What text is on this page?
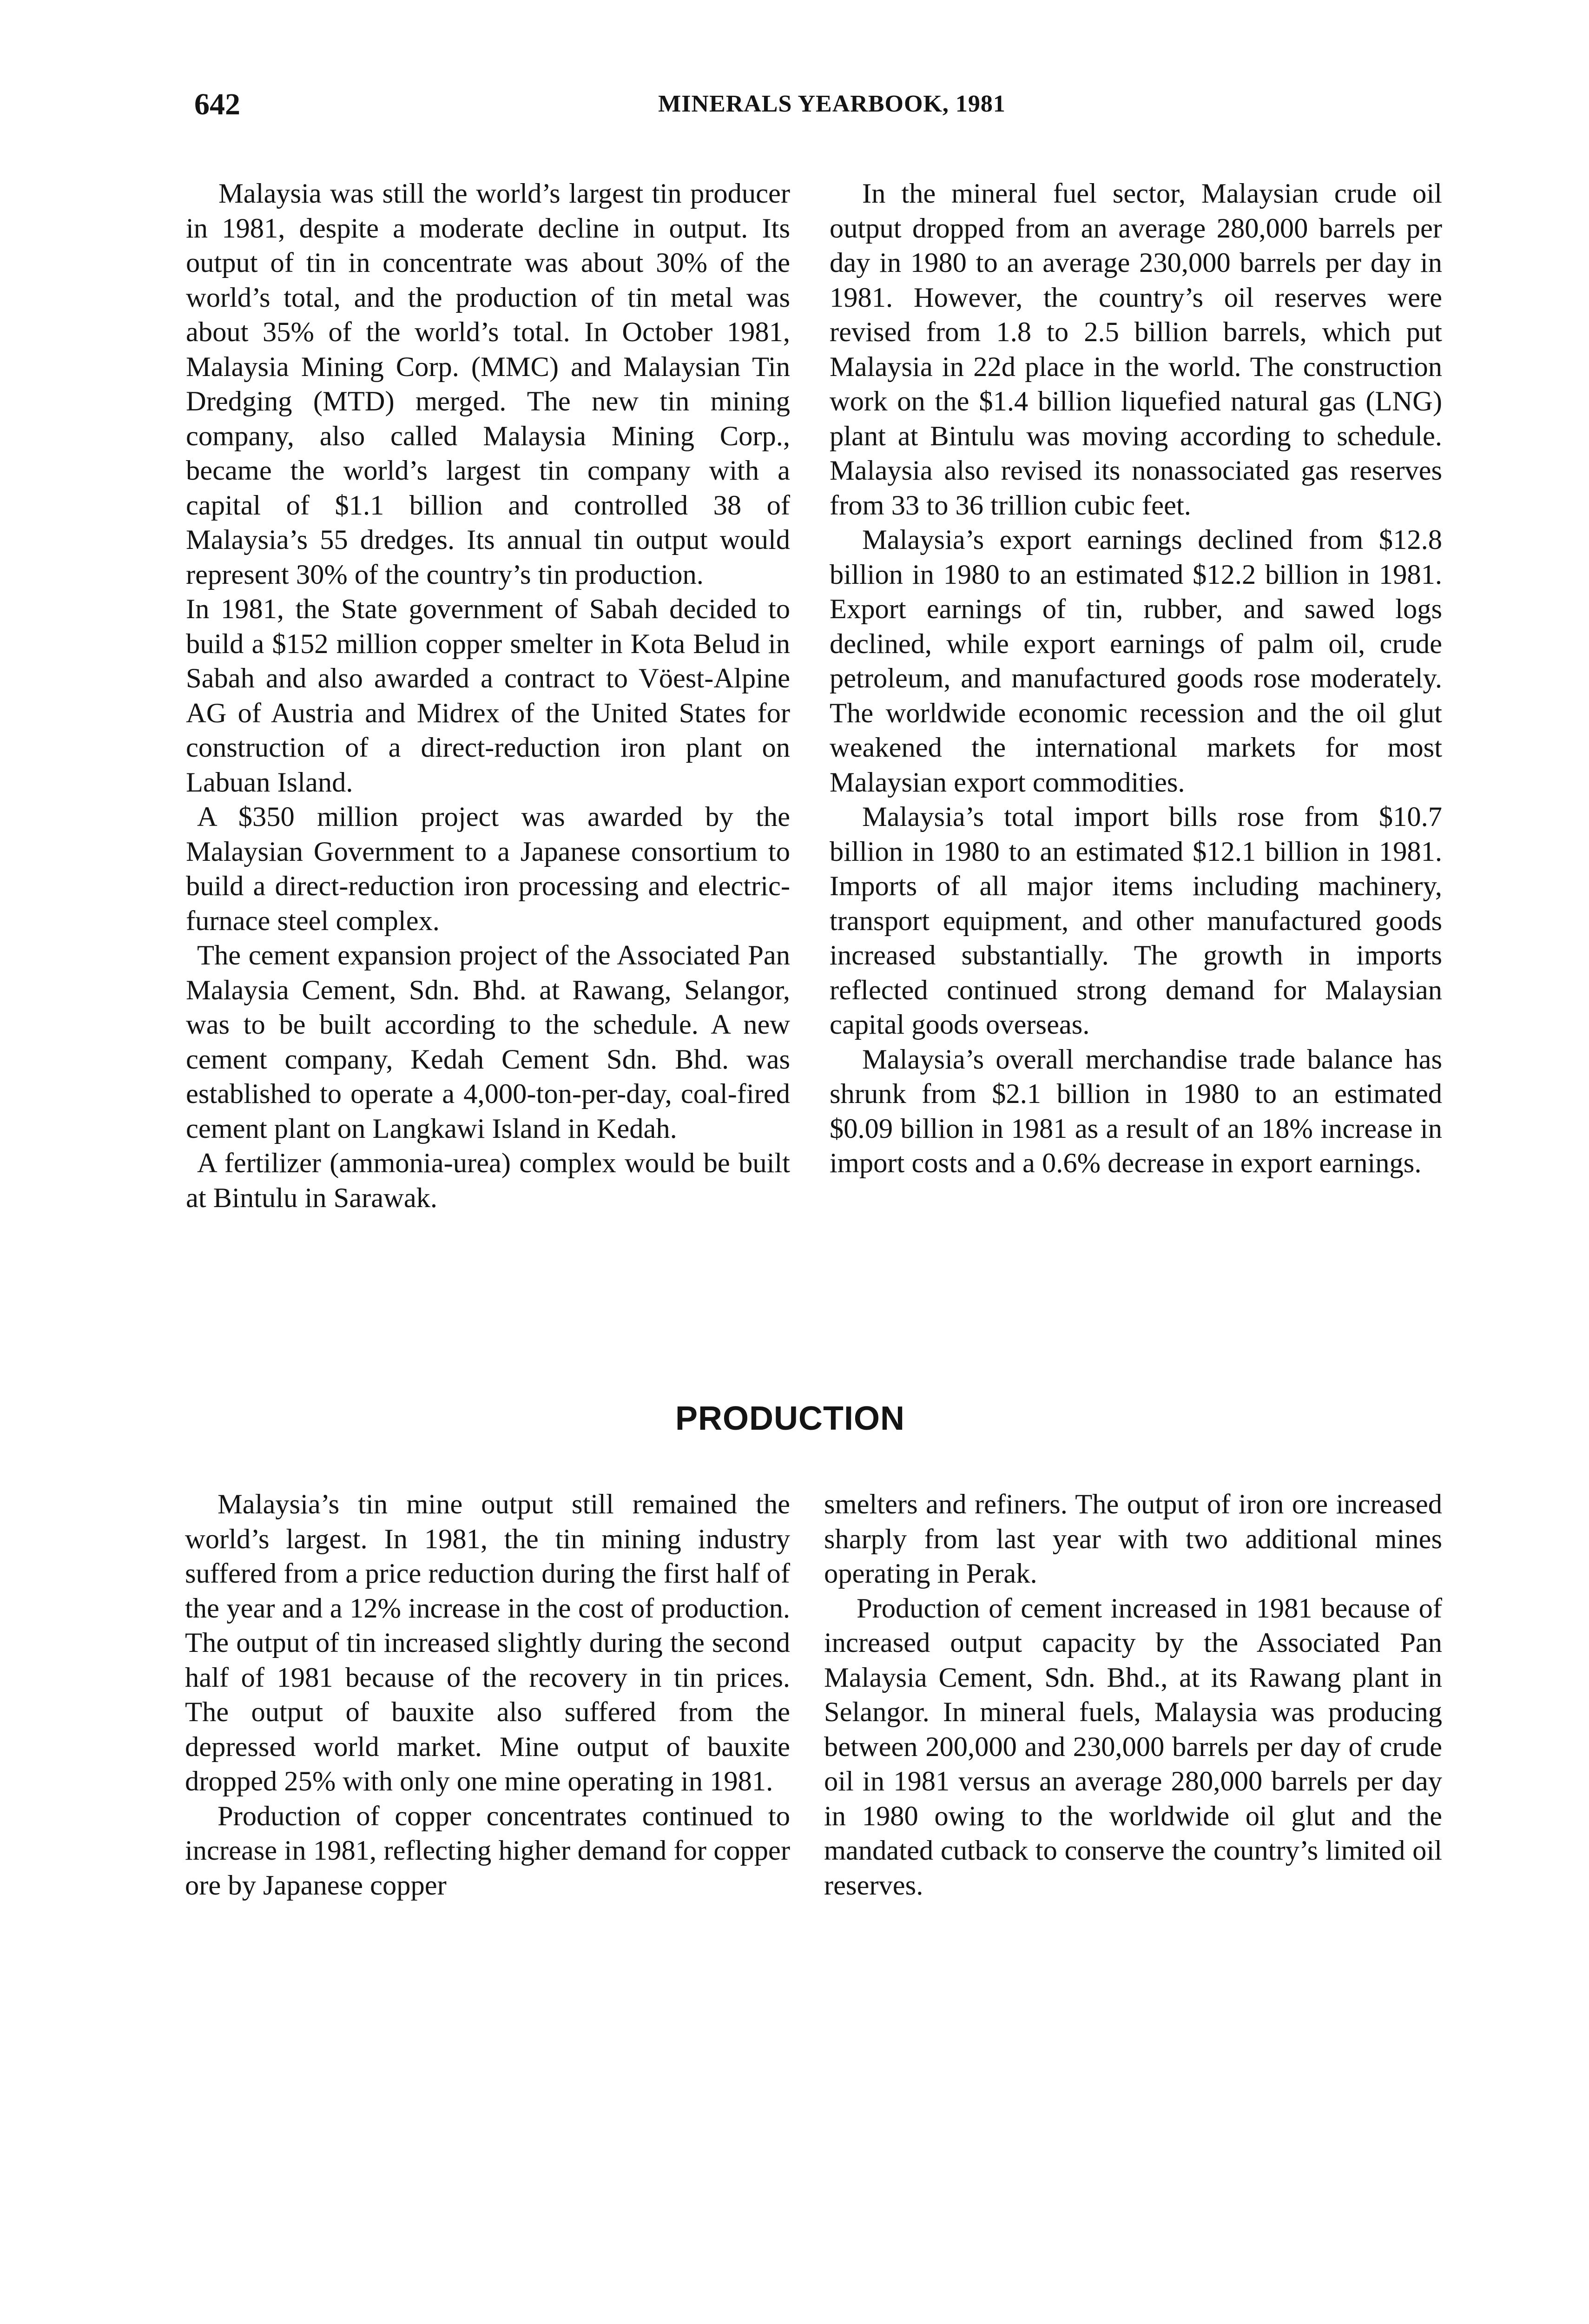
642	MINERALS YEARBOOK, 1981

Malaysia was still the world’s largest tin producer in 1981, despite a moderate decline in output. Its output of tin in concentrate was about 30% of the world’s total, and the production of tin metal was about 35% of the world’s total. In October 1981, Malaysia Mining Corp. (MMC) and Malaysian Tin Dredging (MTD) merged. The new tin mining company, also called Malaysia Mining Corp., became the world’s largest tin company with a capital of $1.1 billion and controlled 38 of Malaysia’s 55 dredges. Its annual tin output would represent 30% of the country’s tin production.

In 1981, the State government of Sabah decided to build a $152 million copper smelter in Kota Belud in Sabah and also awarded a contract to Vöest-Alpine AG of Austria and Midrex of the United States for construction of a direct-reduction iron plant on Labuan Island.

A $350 million project was awarded by the Malaysian Government to a Japanese consortium to build a direct-reduction iron processing and electric-furnace steel complex.

The cement expansion project of the Associated Pan Malaysia Cement, Sdn. Bhd. at Rawang, Selangor, was to be built according to the schedule. A new cement company, Kedah Cement Sdn. Bhd. was established to operate a 4,000-ton-per-day, coal-fired cement plant on Langkawi Island in Kedah.

A fertilizer (ammonia-urea) complex would be built at Bintulu in Sarawak.

In the mineral fuel sector, Malaysian crude oil output dropped from an average 280,000 barrels per day in 1980 to an average 230,000 barrels per day in 1981. However, the country’s oil reserves were revised from 1.8 to 2.5 billion barrels, which put Malaysia in 22d place in the world. The construction work on the $1.4 billion liquefied natural gas (LNG) plant at Bintulu was moving according to schedule. Malaysia also revised its nonassociated gas reserves from 33 to 36 trillion cubic feet.

Malaysia’s export earnings declined from $12.8 billion in 1980 to an estimated $12.2 billion in 1981. Export earnings of tin, rubber, and sawed logs declined, while export earnings of palm oil, crude petroleum, and manufactured goods rose moderately. The worldwide economic recession and the oil glut weakened the international markets for most Malaysian export commodities.

Malaysia’s total import bills rose from $10.7 billion in 1980 to an estimated $12.1 billion in 1981. Imports of all major items including machinery, transport equipment, and other manufactured goods increased substantially. The growth in imports reflected continued strong demand for Malaysian capital goods overseas.

Malaysia’s overall merchandise trade balance has shrunk from $2.1 billion in 1980 to an estimated $0.09 billion in 1981 as a result of an 18% increase in import costs and a 0.6% decrease in export earnings.

PRODUCTION

Malaysia’s tin mine output still remained the world’s largest. In 1981, the tin mining industry suffered from a price reduction during the first half of the year and a 12% increase in the cost of production. The output of tin increased slightly during the second half of 1981 because of the recovery in tin prices. The output of bauxite also suffered from the depressed world market. Mine output of bauxite dropped 25% with only one mine operating in 1981.

Production of copper concentrates continued to increase in 1981, reflecting higher demand for copper ore by Japanese copper

smelters and refiners. The output of iron ore increased sharply from last year with two additional mines operating in Perak.

Production of cement increased in 1981 because of increased output capacity by the Associated Pan Malaysia Cement, Sdn. Bhd., at its Rawang plant in Selangor. In mineral fuels, Malaysia was producing between 200,000 and 230,000 barrels per day of crude oil in 1981 versus an average 280,000 barrels per day in 1980 owing to the worldwide oil glut and the mandated cutback to conserve the country’s limited oil reserves.
